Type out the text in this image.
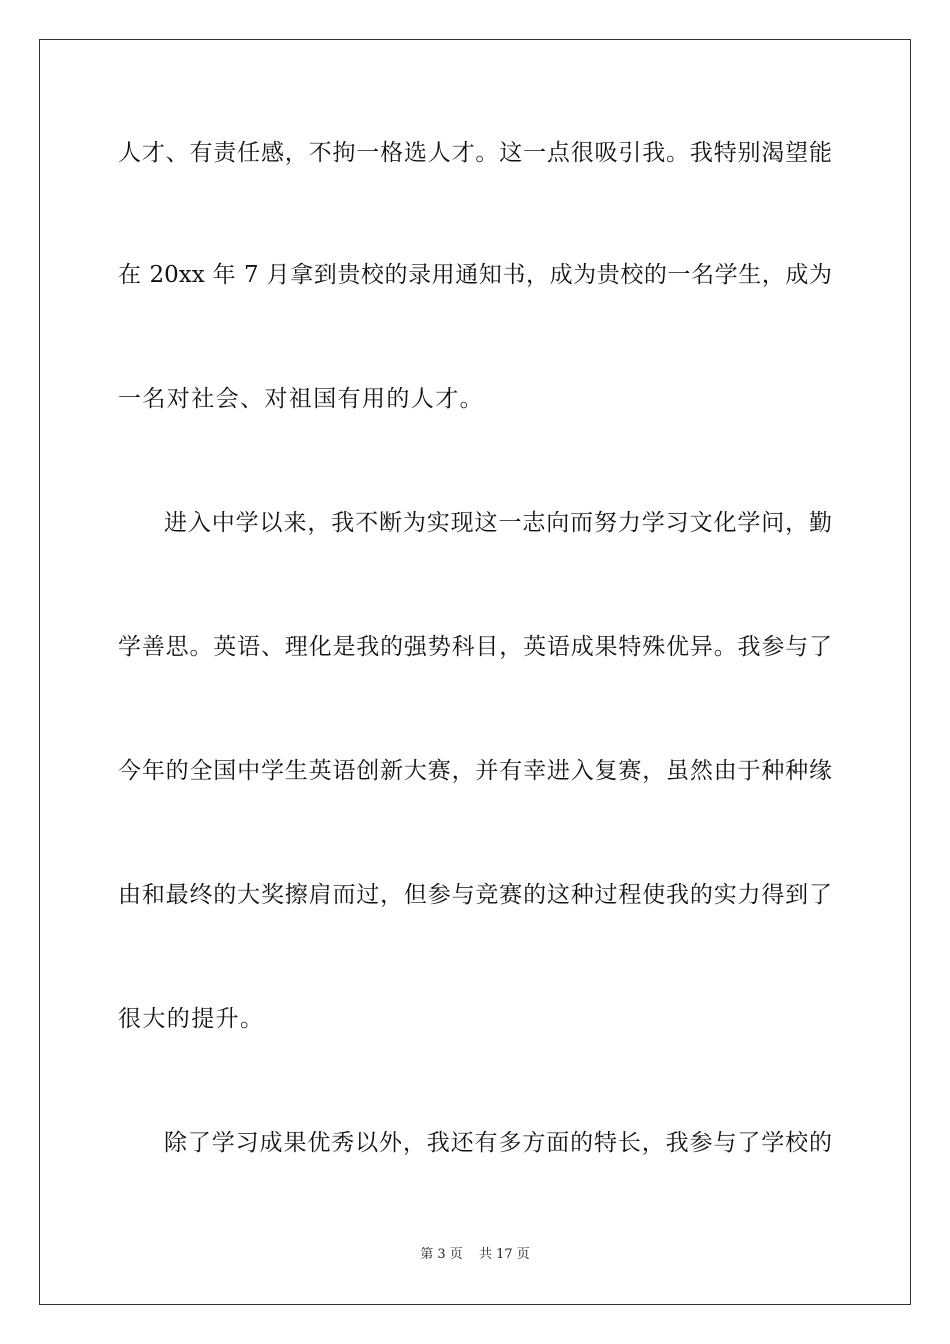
人才、有责任感，不拘一格选人才。这一点很吸引我。我特别渴望能
在 20xx 年 7 月拿到贵校的录用通知书，成为贵校的一名学生，成为
一名对社会、对祖国有用的人才。
进入中学以来，我不断为实现这一志向而努力学习文化学问，勤
学善思。英语、理化是我的强势科目，英语成果特殊优异。我参与了
今年的全国中学生英语创新大赛，并有幸进入复赛，虽然由于种种缘
由和最终的大奖擦肩而过，但参与竞赛的这种过程使我的实力得到了
很大的提升。
除了学习成果优秀以外，我还有多方面的特长，我参与了学校的
第 3 页 共 17 页
